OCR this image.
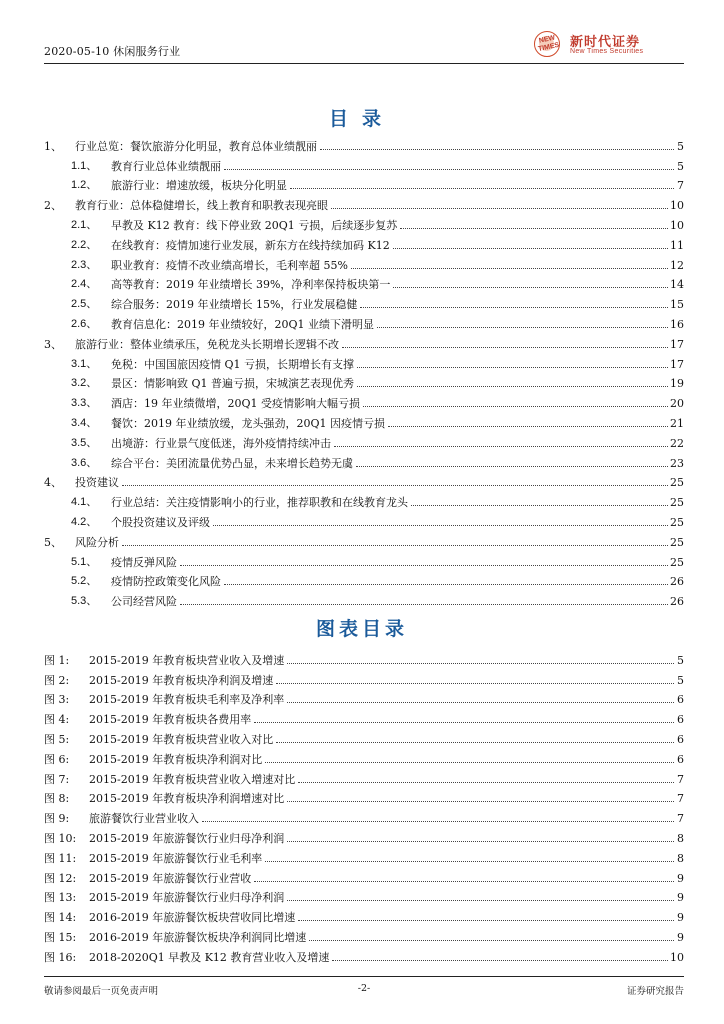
2020-05-10 休闲服务行业
NEW TIMES 新时代证券
New Times Securities
目录
1、	行业总览：餐饮旅游分化明显，教育总体业绩靓丽	5
1.1、	教育行业总体业绩靓丽	5
1.2、	旅游行业：增速放缓，板块分化明显	7
2、	教育行业：总体稳健增长，线上教育和职教表现亮眼	10
2.1、	早教及 K12 教育：线下停业致 20Q1 亏损，后续逐步复苏	10
2.2、	在线教育：疫情加速行业发展，新东方在线持续加码 K12	11
2.3、	职业教育：疫情不改业绩高增长，毛利率超 55%	12
2.4、	高等教育：2019 年业绩增长 39%，净利率保持板块第一	14
2.5、	综合服务：2019 年业绩增长 15%，行业发展稳健	15
2.6、	教育信息化：2019 年业绩较好，20Q1 业绩下滑明显	16
3、	旅游行业：整体业绩承压，免税龙头长期增长逻辑不改	17
3.1、	免税：中国国旅因疫情 Q1 亏损，长期增长有支撑	17
3.2、	景区：情影响致 Q1 普遍亏损，宋城演艺表现优秀	19
3.3、	酒店：19 年业绩微增，20Q1 受疫情影响大幅亏损	20
3.4、	餐饮：2019 年业绩放缓，龙头强劲，20Q1 因疫情亏损	21
3.5、	出境游：行业景气度低迷，海外疫情持续冲击	22
3.6、	综合平台：美团流量优势凸显，未来增长趋势无虞	23
4、	投资建议	25
4.1、	行业总结：关注疫情影响小的行业，推荐职教和在线教育龙头	25
4.2、	个股投资建议及评级	25
5、	风险分析	25
5.1、	疫情反弹风险	25
5.2、	疫情防控政策变化风险	26
5.3、	公司经营风险	26
图表目录
图 1:	2015-2019 年教育板块营业收入及增速	5
图 2:	2015-2019 年教育板块净利润及增速	5
图 3:	2015-2019 年教育板块毛利率及净利率	6
图 4:	2015-2019 年教育板块各费用率	6
图 5:	2015-2019 年教育板块营业收入对比	6
图 6:	2015-2019 年教育板块净利润对比	6
图 7:	2015-2019 年教育板块营业收入增速对比	7
图 8:	2015-2019 年教育板块净利润增速对比	7
图 9:	旅游餐饮行业营业收入	7
图 10:	2015-2019 年旅游餐饮行业归母净利润	8
图 11:	2015-2019 年旅游餐饮行业毛利率	8
图 12:	2015-2019 年旅游餐饮行业营收	9
图 13:	2015-2019 年旅游餐饮行业归母净利润	9
图 14:	2016-2019 年旅游餐饮板块营收同比增速	9
图 15:	2016-2019 年旅游餐饮板块净利润同比增速	9
图 16:	2018-2020Q1 早教及 K12 教育营业收入及增速	10
敬请参阅最后一页免责声明	-2-	证券研究报告
